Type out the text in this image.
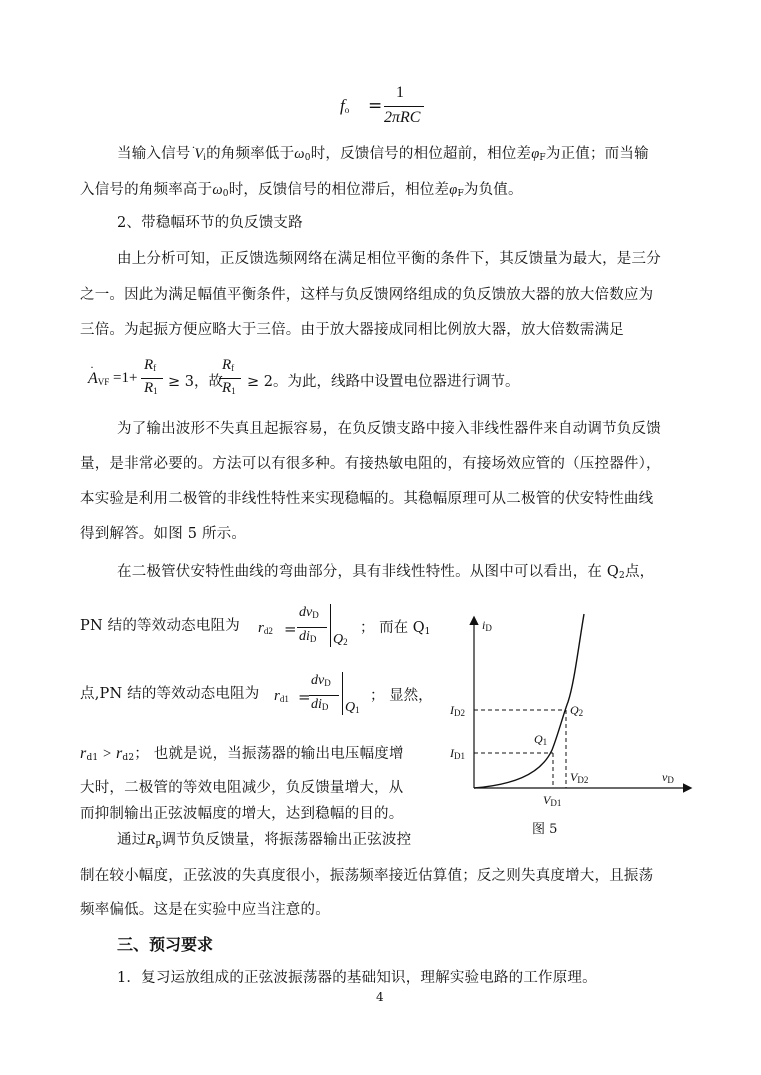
$f_o$ =
1
2πRC
当输入信号 ·
$V_i$的角频率低于$\omega_0$时，反馈信号的相位超前，相位差$\varphi_F$为正值；而当输
入信号的角频率高于$\omega_0$时，反馈信号的相位滞后，相位差$\varphi_F$为负值。
2、带稳幅环节的负反馈支路
由上分析可知，正反馈选频网络在满足相位平衡的条件下，其反馈量为最大，是三分
之一。因此为满足幅值平衡条件，这样与负反馈网络组成的负反馈放大器的放大倍数应为
三倍。为起振方便应略大于三倍。由于放大器接成同相比例放大器，放大倍数需满足
·
$A_{VF} =1+$
$R_f$
$R_1$
≥ 3，故
$R_f$
$R_1$
≥ 2。为此，线路中设置电位器进行调节。
为了输出波形不失真且起振容易，在负反馈支路中接入非线性器件来自动调节负反馈
量，是非常必要的。方法可以有很多种。有接热敏电阻的，有接场效应管的（压控器件），
本实验是利用二极管的非线性特性来实现稳幅的。其稳幅原理可从二极管的伏安特性曲线
得到解答。如图 5 所示。
在二极管伏安特性曲线的弯曲部分，具有非线性特性。从图中可以看出，在 $Q_2$点，
PN 结的等效动态电阻为 $r_{d2}$ =
$dv_D$
$di_D$ $Q_2$
； 而在 $Q_1$
点,PN 结的等效动态电阻为 $r_{d1}$ =
$dv_D$
$di_D$ $Q_1$
； 显然，
$r_{d1} > r_{d2}$； 也就是说，当振荡器的输出电压幅度增
大时，二极管的等效电阻减少，负反馈量增大，从
而抑制输出正弦波幅度的增大，达到稳幅的目的。
通过$R_p$调节负反馈量，将振荡器输出正弦波控
$i_D$
$v_D$
$I_{D2}$
$I_{D1}$
$Q_2$
$Q_1$
$V_{D2}$
$V_{D1}$
图 5
制在较小幅度，正弦波的失真度很小，振荡频率接近估算值；反之则失真度增大，且振荡
频率偏低。这是在实验中应当注意的。
三、预习要求
1．复习运放组成的正弦波振荡器的基础知识，理解实验电路的工作原理。
4
